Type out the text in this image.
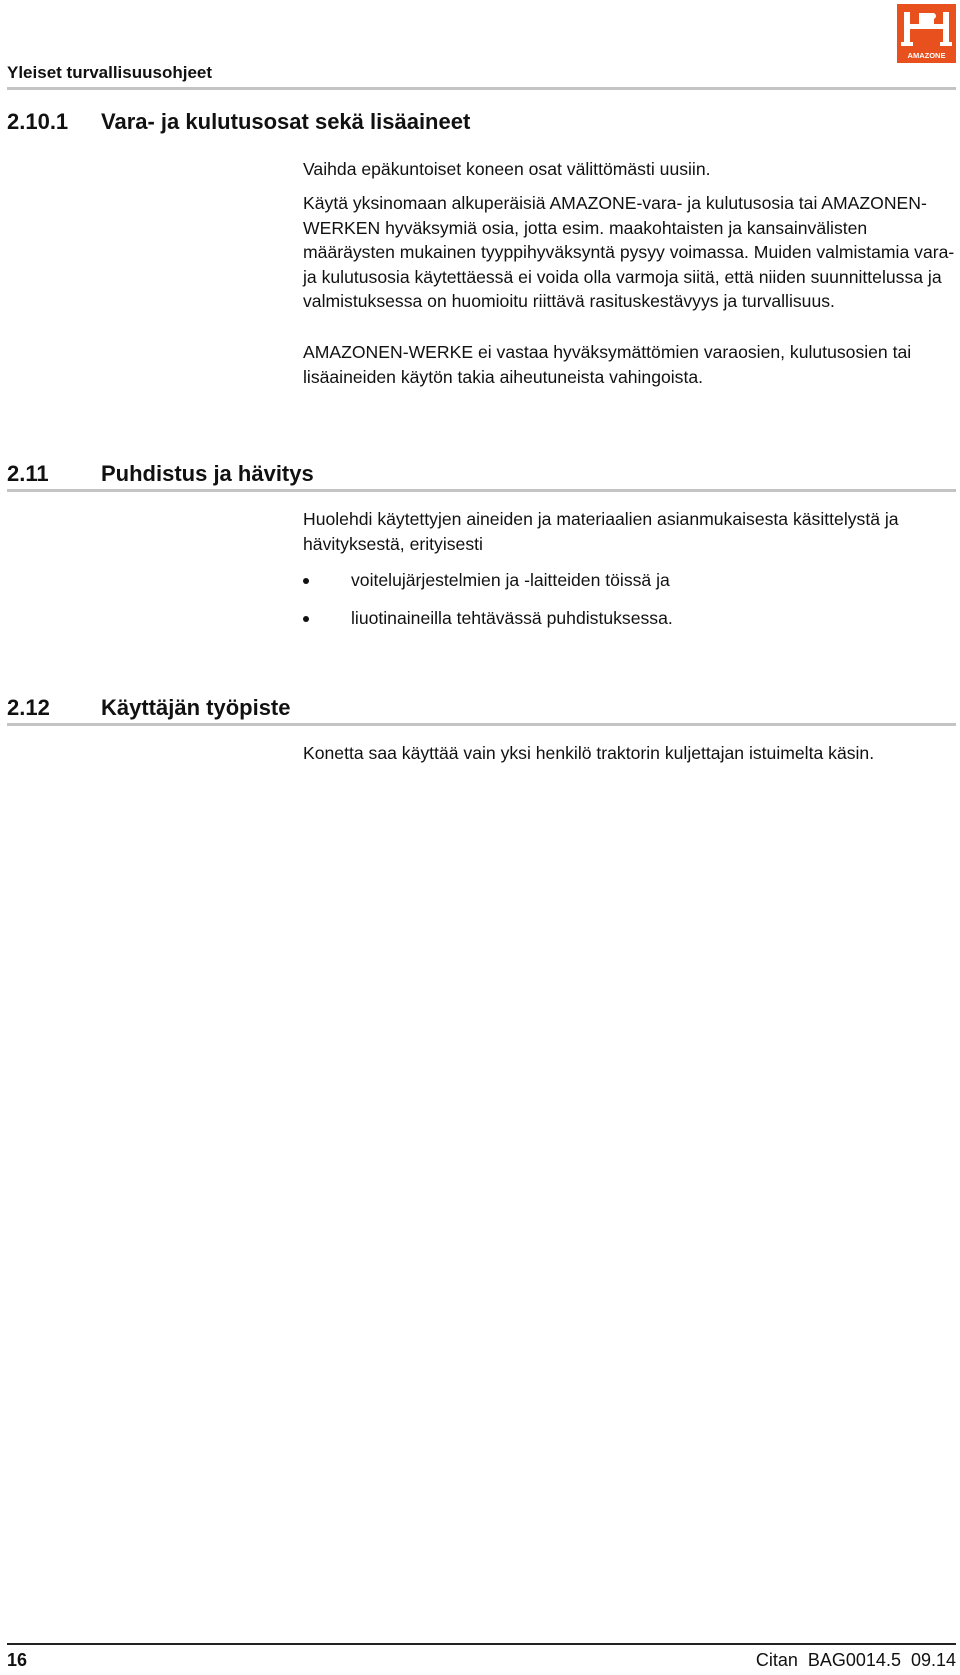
Yleiset turvallisuusohjeet
AMAZONE
2.10.1 Vara- ja kulutusosat sekä lisäaineet

Vaihda epäkuntoiset koneen osat välittömästi uusiin.

Käytä yksinomaan alkuperäisiä AMAZONE-vara- ja kulutusosia tai AMAZONEN-WERKEN hyväksymiä osia, jotta esim. maakohtaisten ja kansainvälisten määräysten mukainen tyyppihyväksyntä pysyy voimassa. Muiden valmistamia vara- ja kulutusosia käytettäessä ei voida olla varmoja siitä, että niiden suunnittelussa ja valmistuksessa on huomioitu riittävä rasituskestävyys ja turvallisuus.

AMAZONEN-WERKE ei vastaa hyväksymättömien varaosien, kulutusosien tai lisäaineiden käytön takia aiheutuneista vahingoista.

2.11 Puhdistus ja hävitys

Huolehdi käytettyjen aineiden ja materiaalien asianmukaisesta käsittelystä ja hävityksestä, erityisesti

voitelujärjestelmien ja -laitteiden töissä ja
liuotinaineilla tehtävässä puhdistuksessa.
2.12 Käyttäjän työpiste

Konetta saa käyttää vain yksi henkilö traktorin kuljettajan istuimelta käsin.

16	Citan  BAG0014.5  09.14
